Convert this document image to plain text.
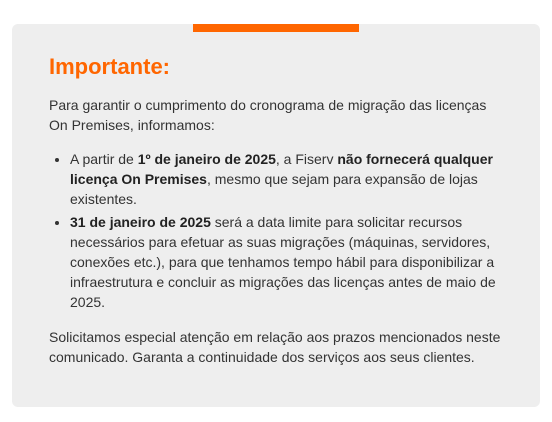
Importante:

Para garantir o cumprimento do cronograma de migração das licenças On Premises, informamos:

• A partir de 1º de janeiro de 2025, a Fiserv não fornecerá qualquer licença On Premises, mesmo que sejam para expansão de lojas existentes.
• 31 de janeiro de 2025 será a data limite para solicitar recursos necessários para efetuar as suas migrações (máquinas, servidores, conexões etc.), para que tenhamos tempo hábil para disponibilizar a infraestrutura e concluir as migrações das licenças antes de maio de 2025.

Solicitamos especial atenção em relação aos prazos mencionados neste comunicado. Garanta a continuidade dos serviços aos seus clientes.
